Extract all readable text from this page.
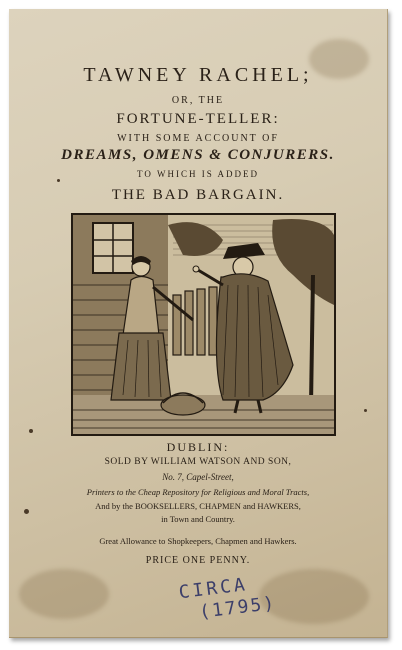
TAWNEY RACHEL;
OR, THE
FORTUNE-TELLER:
WITH SOME ACCOUNT OF
DREAMS, OMENS & CONJURERS.
TO WHICH IS ADDED
THE BAD BARGAIN.
DUBLIN:
SOLD BY WILLIAM WATSON AND SON,
No. 7, Capel-Street,
Printers to the Cheap Repository for Religious and Moral Tracts,
And by the BOOKSELLERS, CHAPMEN and HAWKERS,
in Town and Country.
Great Allowance to Shopkeepers, Chapmen and Hawkers.
PRICE ONE PENNY.
CIRCA
(1795)
